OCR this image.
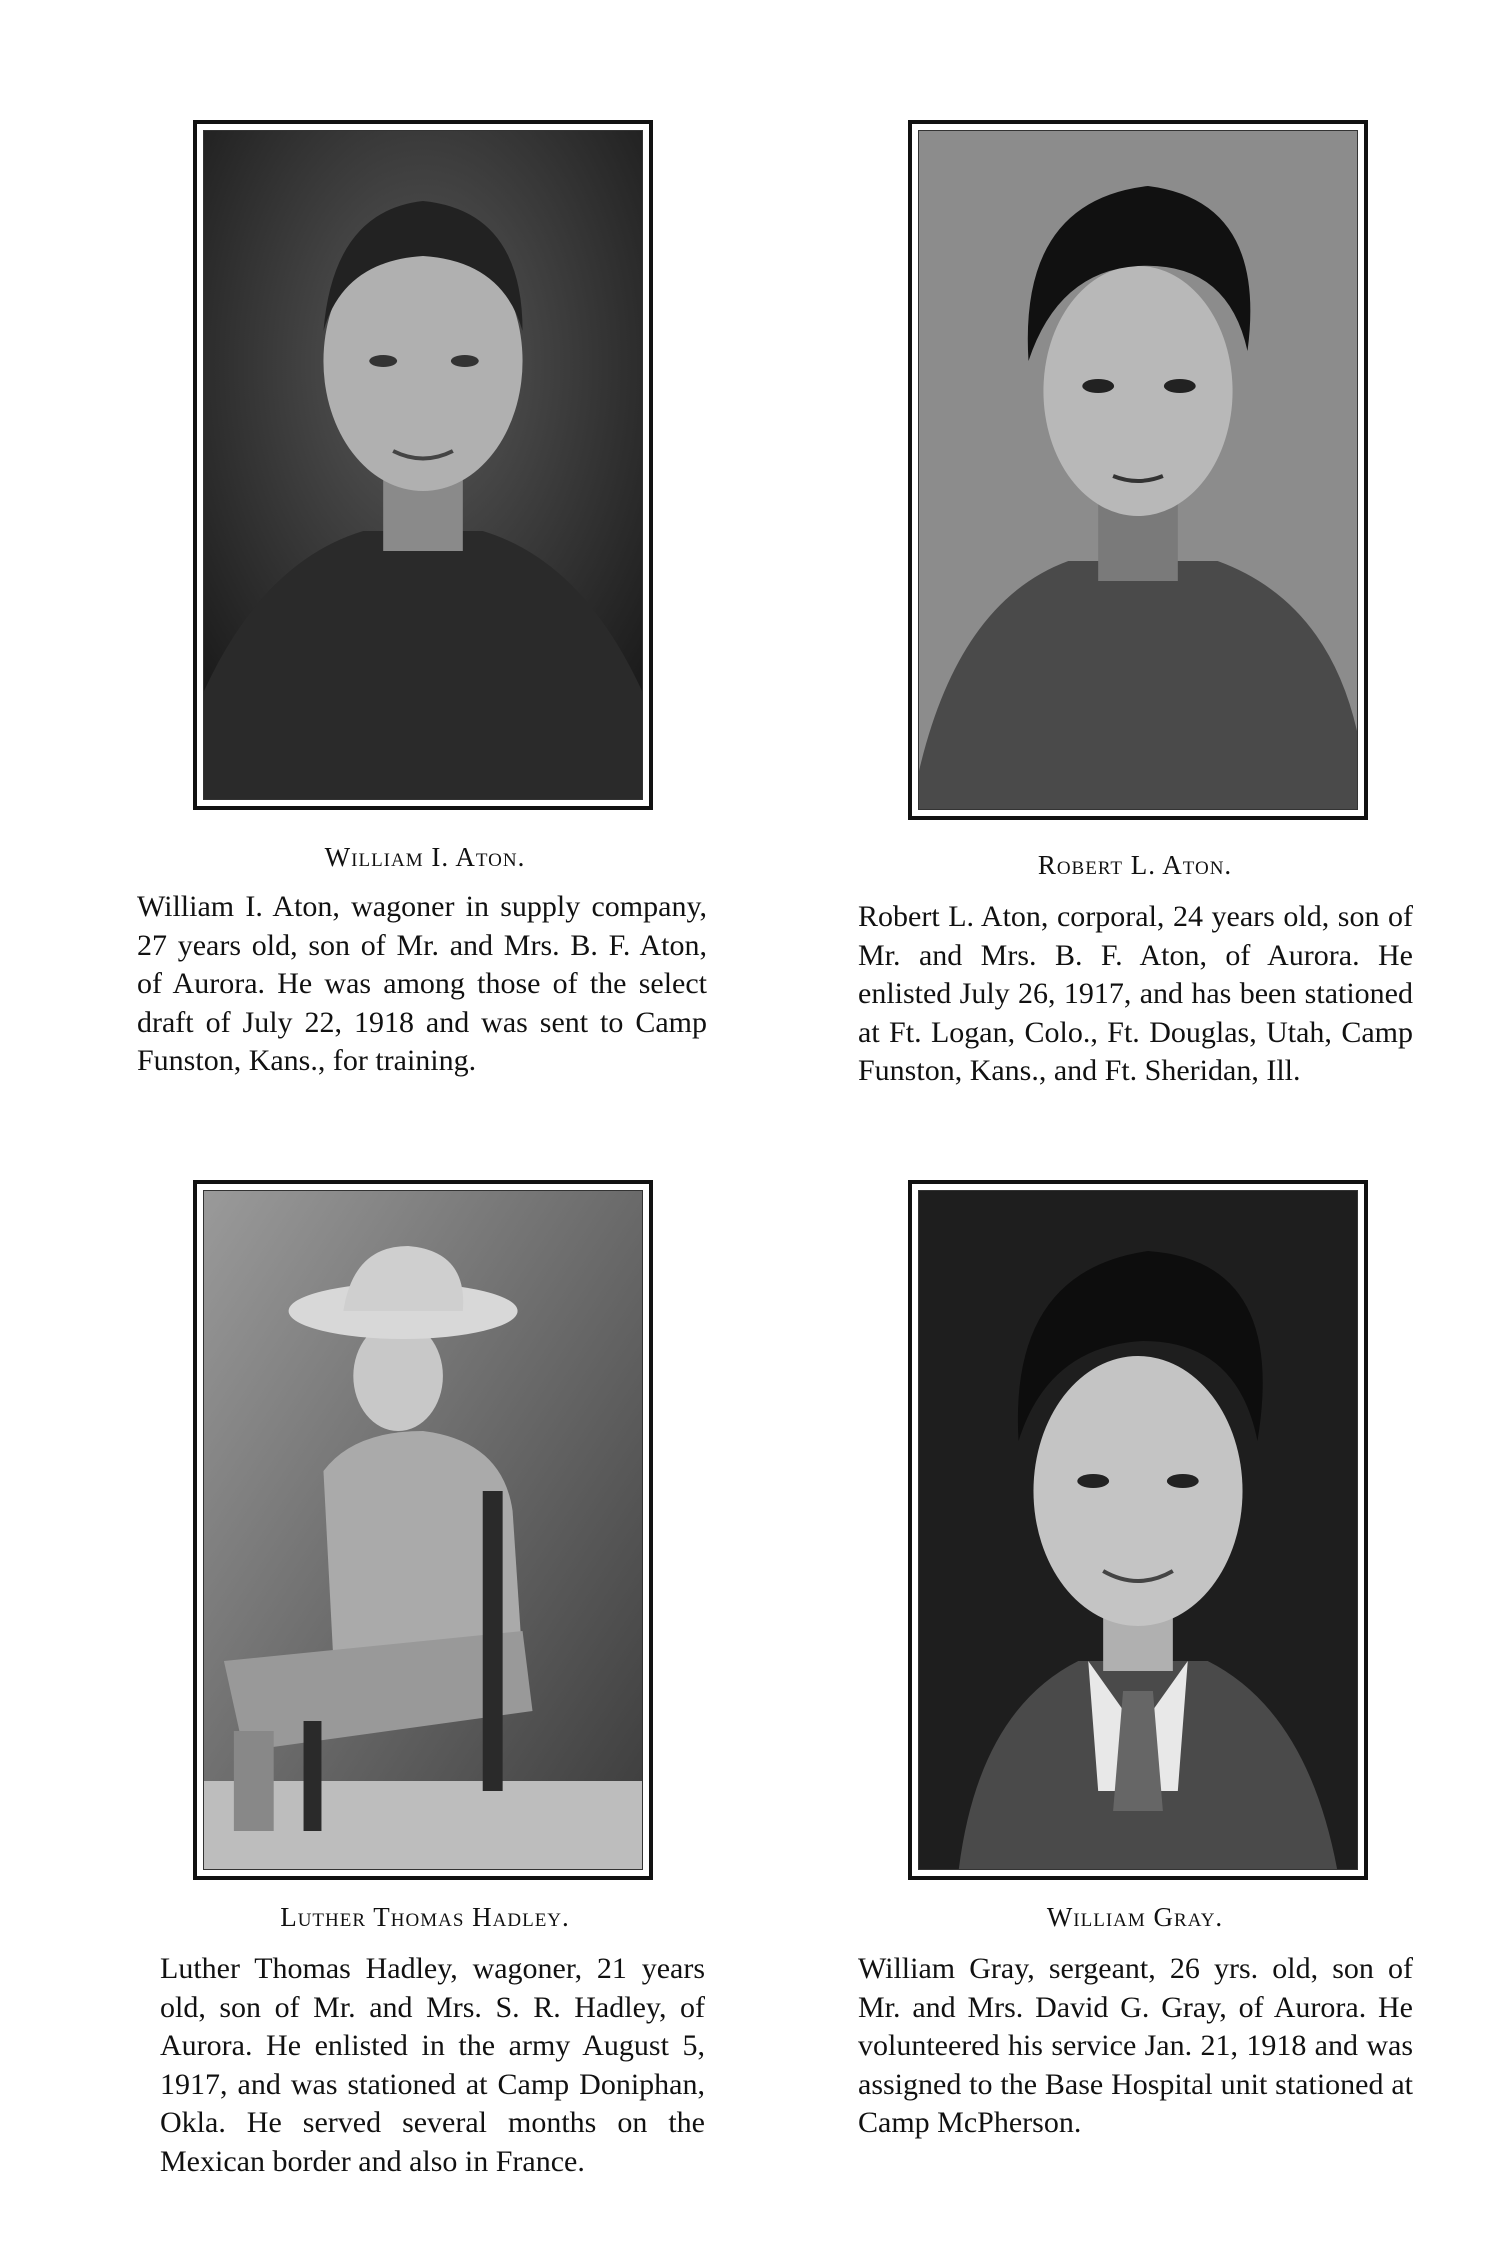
William I. Aton.

William I. Aton, wagoner in supply company, 27 years old, son of Mr. and Mrs. B. F. Aton, of Aurora. He was among those of the select draft of July 22, 1918 and was sent to Camp Funston, Kans., for training.

Robert L. Aton.

Robert L. Aton, corporal, 24 years old, son of Mr. and Mrs. B. F. Aton, of Aurora. He enlisted July 26, 1917, and has been stationed at Ft. Logan, Colo., Ft. Douglas, Utah, Camp Funston, Kans., and Ft. Sheridan, Ill.

Luther Thomas Hadley.

Luther Thomas Hadley, wagoner, 21 years old, son of Mr. and Mrs. S. R. Hadley, of Aurora. He enlisted in the army August 5, 1917, and was stationed at Camp Doniphan, Okla. He served several months on the Mexican border and also in France.

William Gray.

William Gray, sergeant, 26 yrs. old, son of Mr. and Mrs. David G. Gray, of Aurora. He volunteered his service Jan. 21, 1918 and was assigned to the Base Hospital unit stationed at Camp McPherson.
